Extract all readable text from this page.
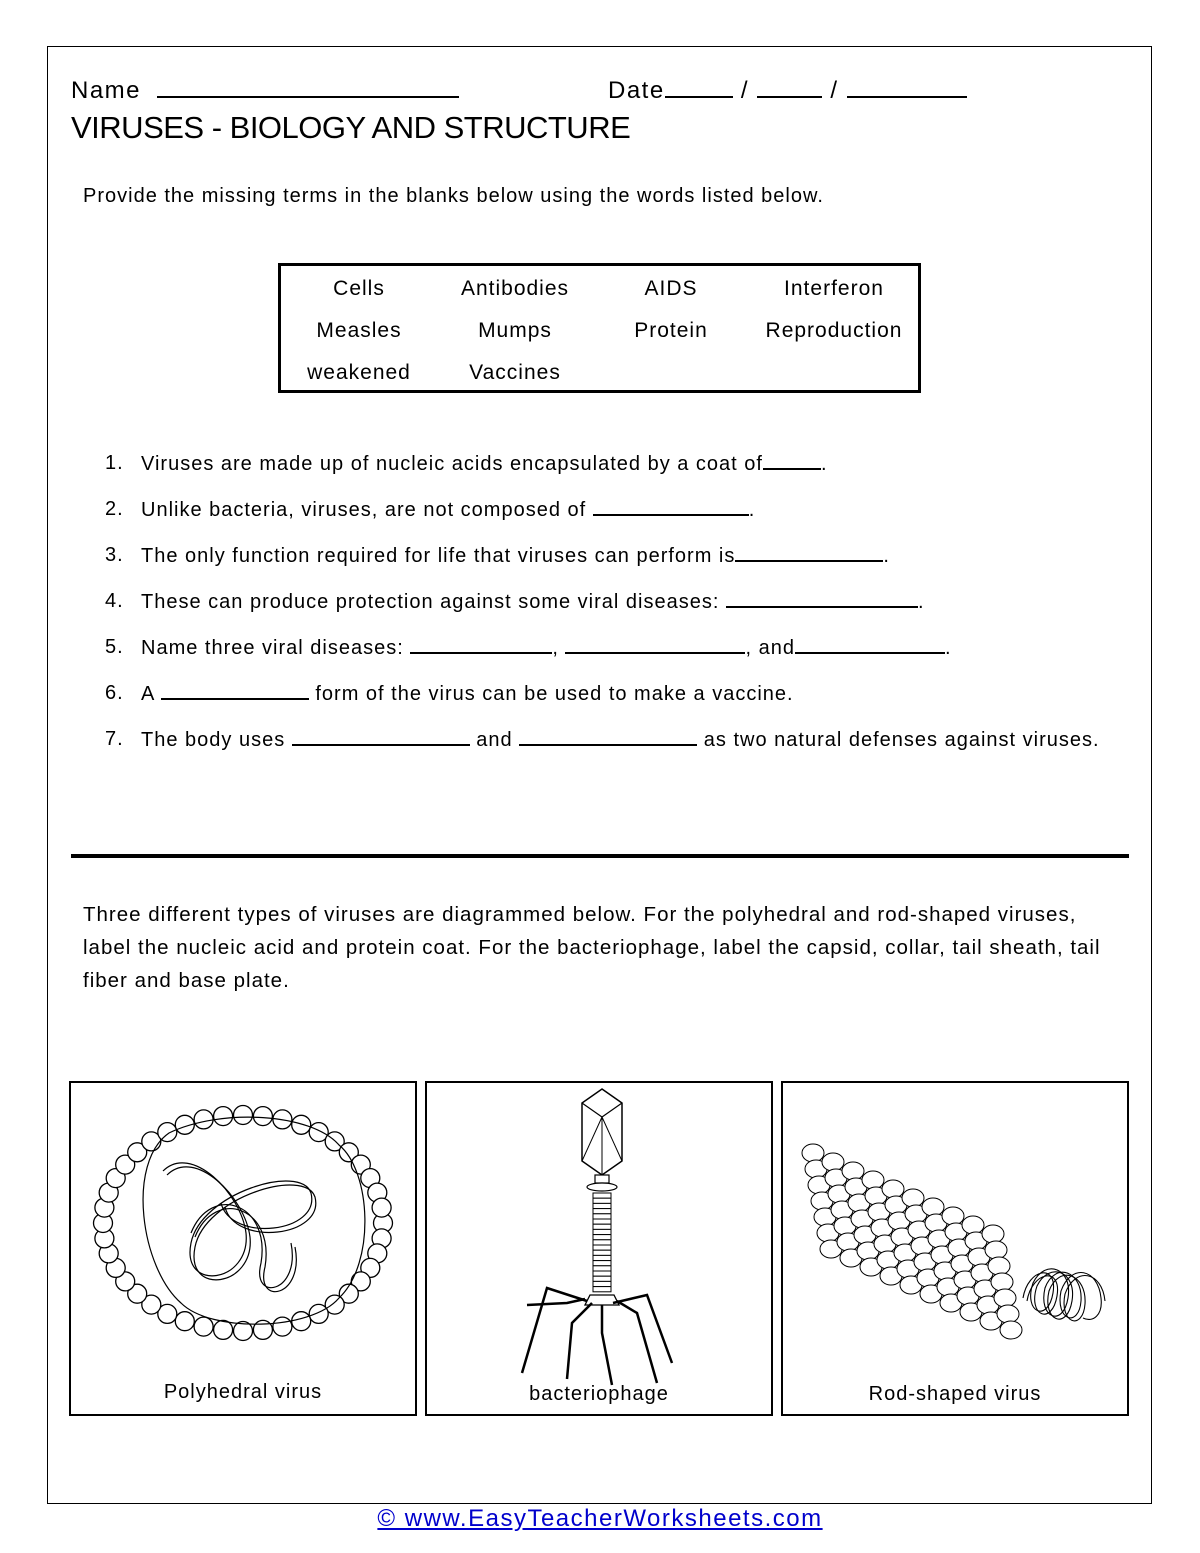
Name	Date	/	/
VIRUSES - BIOLOGY AND STRUCTURE
Provide the missing terms in the blanks below using the words listed below.
Cells	Antibodies	AIDS	Interferon
Measles	Mumps	Protein	Reproduction
weakened	Vaccines
1. Viruses are made up of nucleic acids encapsulated by a coat of	.
2. Unlike bacteria, viruses, are not composed of	.
3. The only function required for life that viruses can perform is	.
4. These can produce protection against some viral diseases:	.
5. Name three viral diseases:	,	, and	.
6. A	form of the virus can be used to make a vaccine.
7. The body uses	and	as two natural defenses against viruses.
Three different types of viruses are diagrammed below. For the polyhedral and rod-shaped viruses, label the nucleic acid and protein coat. For the bacteriophage, label the capsid, collar, tail sheath, tail fiber and base plate.
Polyhedral virus	bacteriophage	Rod-shaped virus
© www.EasyTeacherWorksheets.com
